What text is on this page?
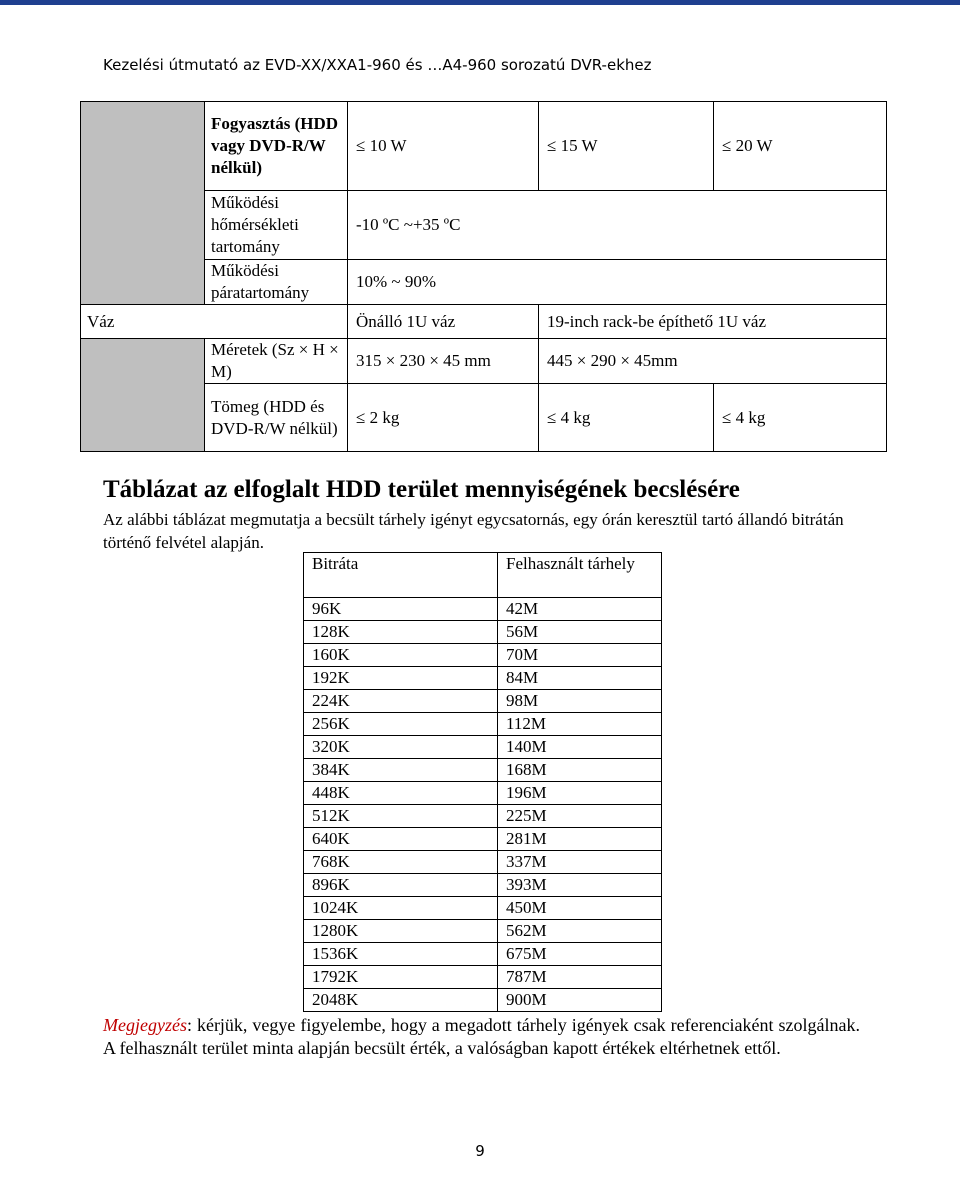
Kezelési útmutató az EVD-XX/XXA1-960 és …A4-960 sorozatú DVR-ekhez
	Fogyasztás (HDD vagy DVD-R/W nélkül)	≤ 10 W	≤ 15 W	≤ 20 W
	Működési hőmérsékleti tartomány	-10 ºC ~+35 ºC		
	Működési páratartomány	10% ~ 90%		
Váz		Önálló 1U váz	19-inch rack-be építhető 1U váz	
	Méretek (Sz × H × M)	315 × 230 × 45 mm	445 × 290 × 45mm	
	Tömeg (HDD és DVD-R/W nélkül)	≤ 2 kg	≤ 4 kg	≤ 4 kg
Táblázat az elfoglalt HDD terület mennyiségének becslésére
Az alábbi táblázat megmutatja a becsült tárhely igényt egycsatornás, egy órán keresztül tartó állandó bitrátán történő felvétel alapján.
Bitráta	Felhasznált tárhely
96K	42M
128K	56M
160K	70M
192K	84M
224K	98M
256K	112M
320K	140M
384K	168M
448K	196M
512K	225M
640K	281M
768K	337M
896K	393M
1024K	450M
1280K	562M
1536K	675M
1792K	787M
2048K	900M
Megjegyzés: kérjük, vegye figyelembe, hogy a megadott tárhely igények csak referenciaként szolgálnak. A felhasznált terület minta alapján becsült érték, a valóságban kapott értékek eltérhetnek ettől.
9
